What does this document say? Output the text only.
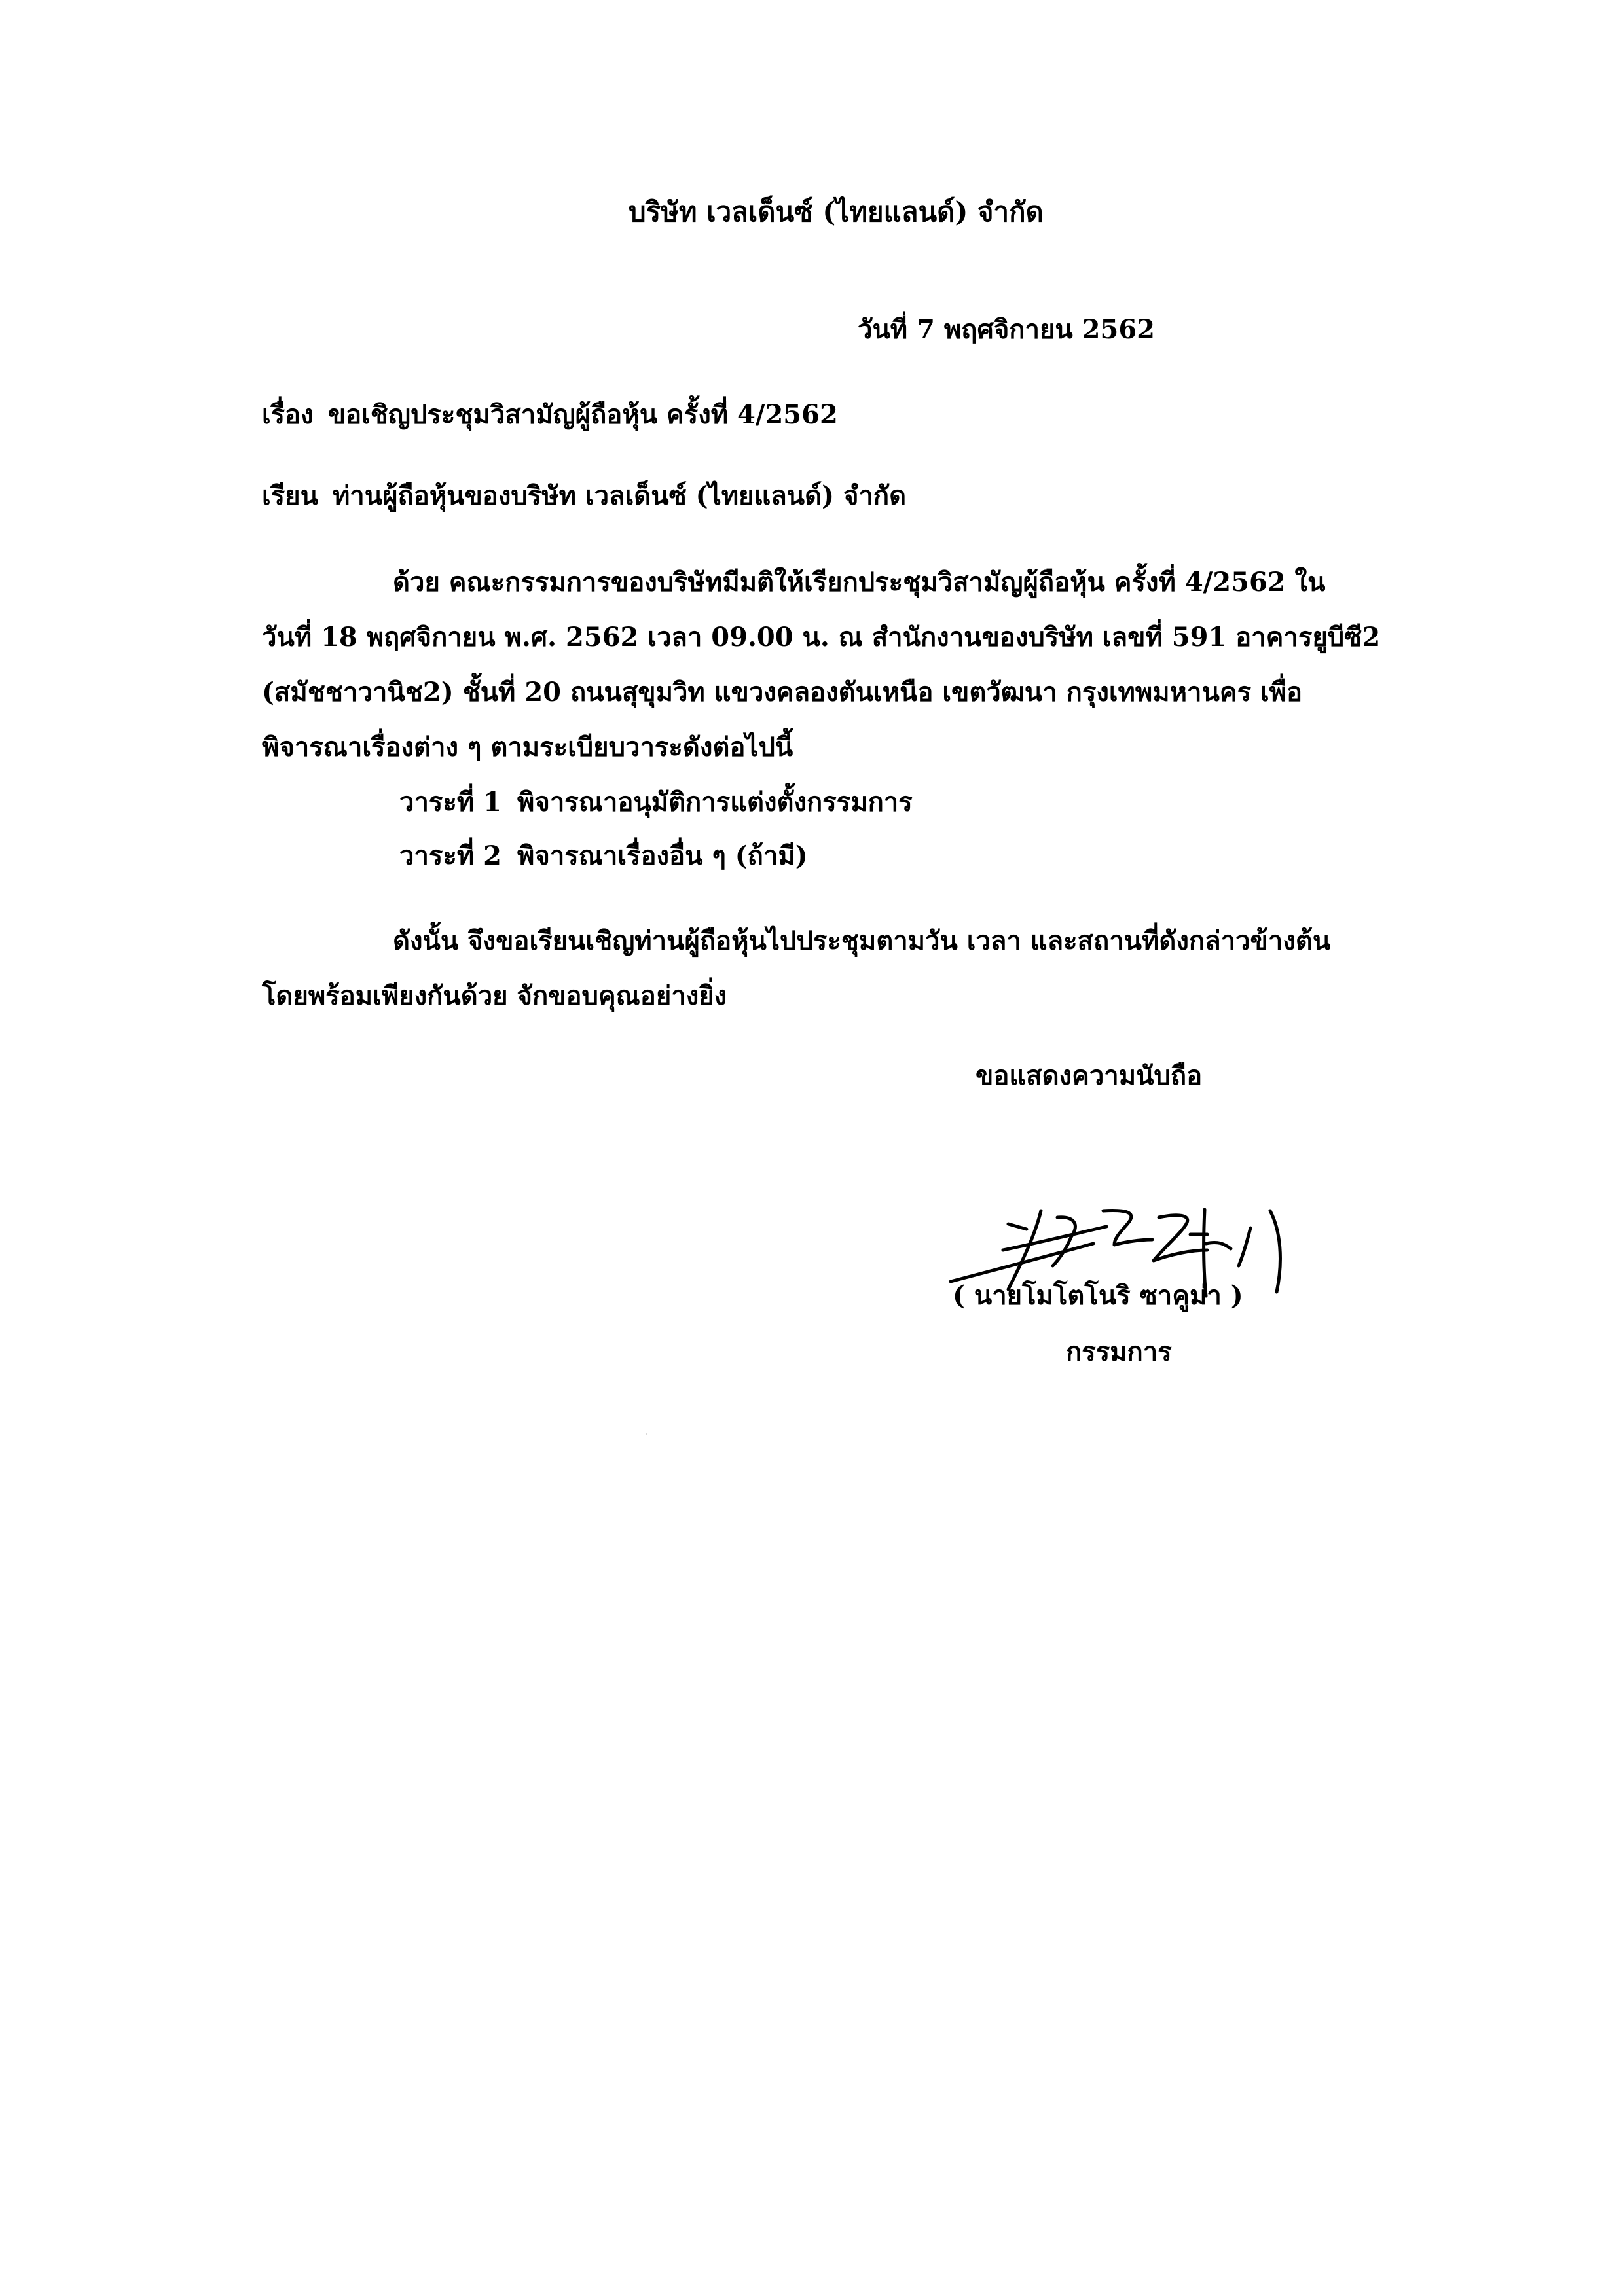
บริษัท เวลเด็นซ์ (ไทยแลนด์) จำกัด
วันที่ 7 พฤศจิกายน 2562
เรื่อง ขอเชิญประชุมวิสามัญผู้ถือหุ้น ครั้งที่ 4/2562
เรียน ท่านผู้ถือหุ้นของบริษัท เวลเด็นซ์ (ไทยแลนด์) จำกัด
ด้วย คณะกรรมการของบริษัทมีมติให้เรียกประชุมวิสามัญผู้ถือหุ้น ครั้งที่ 4/2562 ใน
วันที่ 18 พฤศจิกายน พ.ศ. 2562 เวลา 09.00 น. ณ สำนักงานของบริษัท เลขที่ 591 อาคารยูบีซี2
(สมัชชาวานิช2) ชั้นที่ 20 ถนนสุขุมวิท แขวงคลองตันเหนือ เขตวัฒนา กรุงเทพมหานคร เพื่อ
พิจารณาเรื่องต่าง ๆ ตามระเบียบวาระดังต่อไปนี้
วาระที่ 1 พิจารณาอนุมัติการแต่งตั้งกรรมการ
วาระที่ 2 พิจารณาเรื่องอื่น ๆ (ถ้ามี)
ดังนั้น จึงขอเรียนเชิญท่านผู้ถือหุ้นไปประชุมตามวัน เวลา และสถานที่ดังกล่าวข้างต้น
โดยพร้อมเพียงกันด้วย จักขอบคุณอย่างยิ่ง
ขอแสดงความนับถือ
( นายโมโตโนริ ซาคูม่า )
กรรมการ
